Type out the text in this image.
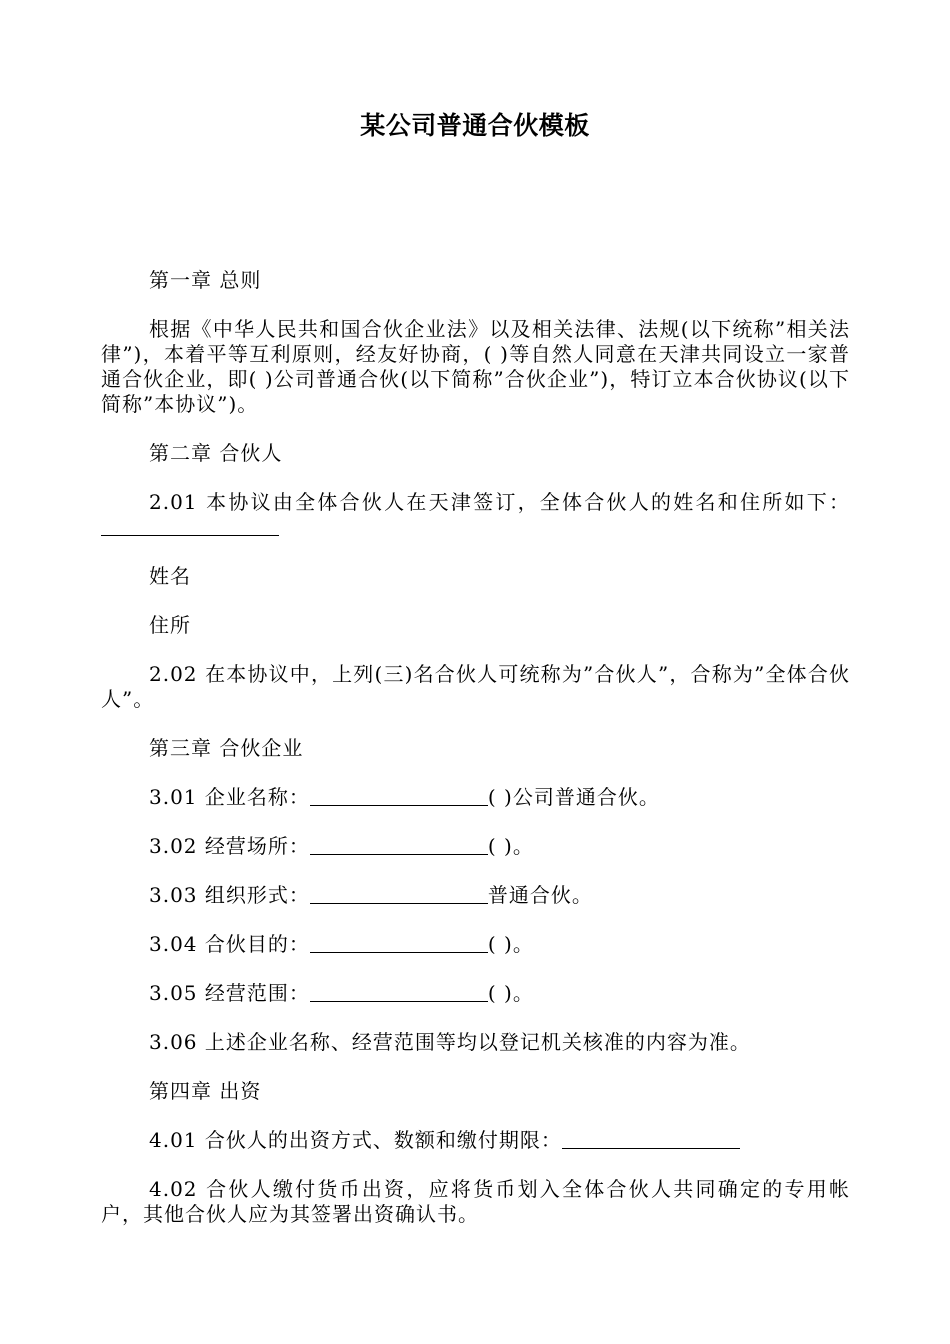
某公司普通合伙模板
第一章 总则
根据《中华人民共和国合伙企业法》以及相关法律、法规(以下统称”相关法律”)，本着平等互利原则，经友好协商，( )等自然人同意在天津共同设立一家普通合伙企业，即( )公司普通合伙(以下简称”合伙企业”)，特订立本合伙协议(以下简称”本协议”)。
第二章 合伙人
2.01 本协议由全体合伙人在天津签订，全体合伙人的姓名和住所如下：
姓名
住所
2.02 在本协议中，上列(三)名合伙人可统称为”合伙人”，合称为”全体合伙人”。
第三章 合伙企业
3.01 企业名称：	( )公司普通合伙。
3.02 经营场所：	( )。
3.03 组织形式：	普通合伙。
3.04 合伙目的：	( )。
3.05 经营范围：	( )。
3.06 上述企业名称、经营范围等均以登记机关核准的内容为准。
第四章 出资
4.01 合伙人的出资方式、数额和缴付期限：
4.02 合伙人缴付货币出资，应将货币划入全体合伙人共同确定的专用帐户，其他合伙人应为其签署出资确认书。
